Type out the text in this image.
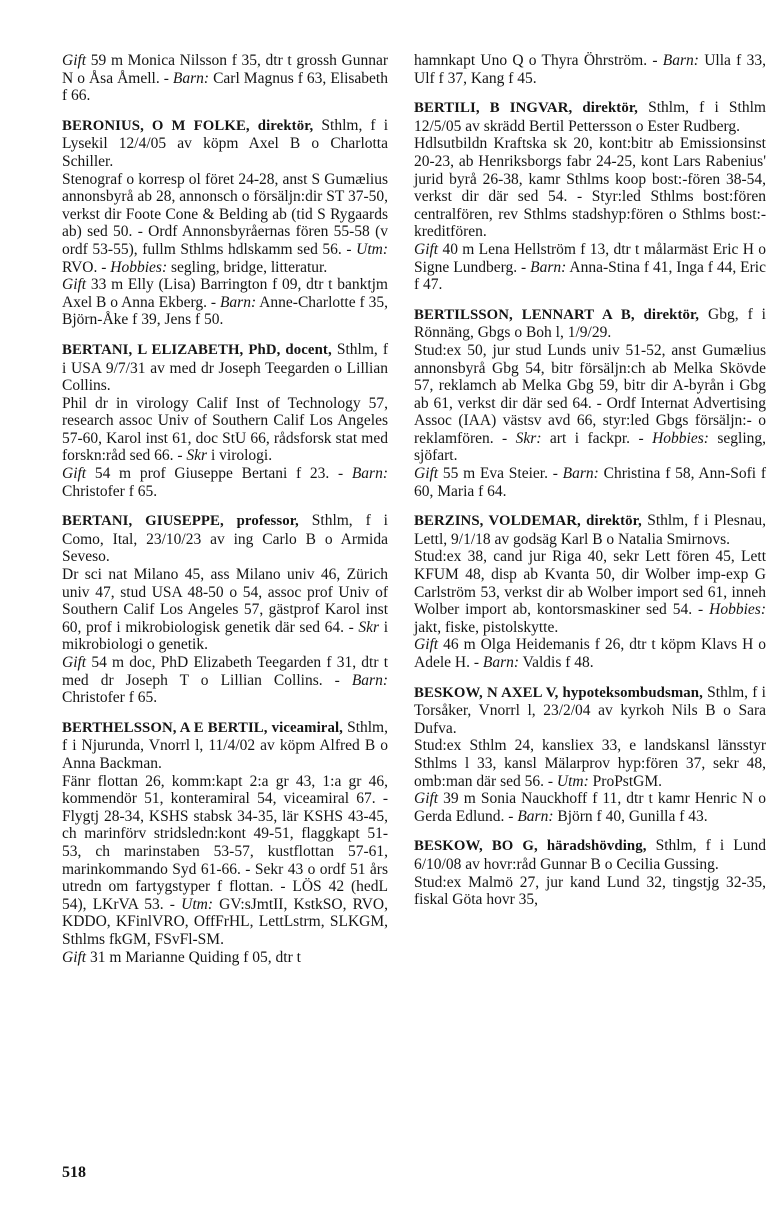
Gift 59 m Monica Nilsson f 35, dtr t grossh Gunnar N o Åsa Åmell. - Barn: Carl Magnus f 63, Elisabeth f 66.

BERONIUS, O M FOLKE, direktör, Sthlm, f i Lysekil 12/4/05 av köpm Axel B o Charlotta Schiller.

Stenograf o korresp ol föret 24-28, anst S Gumælius annonsbyrå ab 28, annonsch o försäljn:dir ST 37-50, verkst dir Foote Cone & Belding ab (tid S Rygaards ab) sed 50. - Ordf Annonsbyråernas fören 55-58 (v ordf 53-55), fullm Sthlms hdlskamm sed 56. - Utm: RVO. - Hobbies: segling, bridge, litteratur.

Gift 33 m Elly (Lisa) Barrington f 09, dtr t banktjm Axel B o Anna Ekberg. - Barn: Anne-Charlotte f 35, Björn-Åke f 39, Jens f 50.

BERTANI, L ELIZABETH, PhD, docent, Sthlm, f i USA 9/7/31 av med dr Joseph Teegarden o Lillian Collins.

Phil dr in virology Calif Inst of Technology 57, research assoc Univ of Southern Calif Los Angeles 57-60, Karol inst 61, doc StU 66, rådsforsk stat med forskn:råd sed 66. - Skr i virologi.

Gift 54 m prof Giuseppe Bertani f 23. - Barn: Christofer f 65.

BERTANI, GIUSEPPE, professor, Sthlm, f i Como, Ital, 23/10/23 av ing Carlo B o Armida Seveso.

Dr sci nat Milano 45, ass Milano univ 46, Zürich univ 47, stud USA 48-50 o 54, assoc prof Univ of Southern Calif Los Angeles 57, gästprof Karol inst 60, prof i mikrobiologisk genetik där sed 64. - Skr i mikrobiologi o genetik.

Gift 54 m doc, PhD Elizabeth Teegarden f 31, dtr t med dr Joseph T o Lillian Collins. - Barn: Christofer f 65.

BERTHELSSON, A E BERTIL, viceamiral, Sthlm, f i Njurunda, Vnorrl l, 11/4/02 av köpm Alfred B o Anna Backman.

Fänr flottan 26, komm:kapt 2:a gr 43, 1:a gr 46, kommendör 51, konteramiral 54, viceamiral 67. - Flygtj 28-34, KSHS stabsk 34-35, lär KSHS 43-45, ch marinförv stridsledn:kont 49-51, flaggkapt 51-53, ch marinstaben 53-57, kustflottan 57-61, marinkommando Syd 61-66. - Sekr 43 o ordf 51 års utredn om fartygstyper f flottan. - LÖS 42 (hedL 54), LKrVA 53. - Utm: GV:sJmtII, KstkSO, RVO, KDDO, KFinlVRO, OffFrHL, LettLstrm, SLKGM, Sthlms fkGM, FSvFl-SM.

Gift 31 m Marianne Quiding f 05, dtr t

hamnkapt Uno Q o Thyra Öhrström. - Barn: Ulla f 33, Ulf f 37, Kang f 45.

BERTILI, B INGVAR, direktör, Sthlm, f i Sthlm 12/5/05 av skrädd Bertil Pettersson o Ester Rudberg.

Hdlsutbildn Kraftska sk 20, kont:bitr ab Emissionsinst 20-23, ab Henriksborgs fabr 24-25, kont Lars Rabenius' jurid byrå 26-38, kamr Sthlms koop bost:-fören 38-54, verkst dir där sed 54. - Styr:led Sthlms bost:fören centralfören, rev Sthlms stadshyp:fören o Sthlms bost:-kreditfören.

Gift 40 m Lena Hellström f 13, dtr t målarmäst Eric H o Signe Lundberg. - Barn: Anna-Stina f 41, Inga f 44, Eric f 47.

BERTILSSON, LENNART A B, direktör, Gbg, f i Rönnäng, Gbgs o Boh l, 1/9/29.

Stud:ex 50, jur stud Lunds univ 51-52, anst Gumælius annonsbyrå Gbg 54, bitr försäljn:ch ab Melka Skövde 57, reklamch ab Melka Gbg 59, bitr dir A-byrån i Gbg ab 61, verkst dir där sed 64. - Ordf Internat Advertising Assoc (IAA) västsv avd 66, styr:led Gbgs försäljn:- o reklamfören. - Skr: art i fackpr. - Hobbies: segling, sjöfart.

Gift 55 m Eva Steier. - Barn: Christina f 58, Ann-Sofi f 60, Maria f 64.

BERZINS, VOLDEMAR, direktör, Sthlm, f i Plesnau, Lettl, 9/1/18 av godsäg Karl B o Natalia Smirnovs.

Stud:ex 38, cand jur Riga 40, sekr Lett fören 45, Lett KFUM 48, disp ab Kvanta 50, dir Wolber imp-exp G Carlström 53, verkst dir ab Wolber import sed 61, inneh Wolber import ab, kontorsmaskiner sed 54. - Hobbies: jakt, fiske, pistolskytte.

Gift 46 m Olga Heidemanis f 26, dtr t köpm Klavs H o Adele H. - Barn: Valdis f 48.

BESKOW, N AXEL V, hypoteksombudsman, Sthlm, f i Torsåker, Vnorrl l, 23/2/04 av kyrkoh Nils B o Sara Dufva.

Stud:ex Sthlm 24, kansliex 33, e landskansl länsstyr Sthlms l 33, kansl Mälarprov hyp:fören 37, sekr 48, omb:man där sed 56. - Utm: ProPstGM.

Gift 39 m Sonia Nauckhoff f 11, dtr t kamr Henric N o Gerda Edlund. - Barn: Björn f 40, Gunilla f 43.

BESKOW, BO G, häradshövding, Sthlm, f i Lund 6/10/08 av hovr:råd Gunnar B o Cecilia Gussing.

Stud:ex Malmö 27, jur kand Lund 32, tingstjg 32-35, fiskal Göta hovr 35,

518
